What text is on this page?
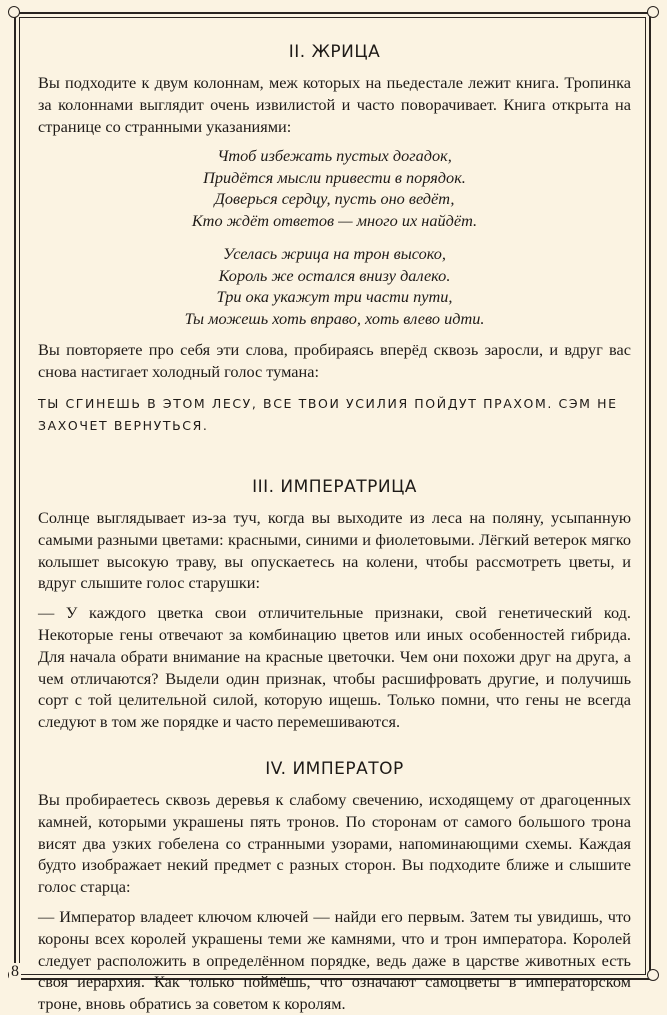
II. ЖРИЦА

Вы подходите к двум колоннам, меж которых на пьедестале лежит книга. Тропинка за колоннами выглядит очень извилистой и часто поворачивает. Книга открыта на странице со странными указаниями:

Чтоб избежать пустых догадок,
Придётся мысли привести в порядок.
Доверься сердцу, пусть оно ведёт,
Кто ждёт ответов — много их найдёт.
Уселась жрица на трон высоко,
Король же остался внизу далеко.
Три ока укажут три части пути,
Ты можешь хоть вправо, хоть влево идти.

Вы повторяете про себя эти слова, пробираясь вперёд сквозь заросли, и вдруг вас снова настигает холодный голос тумана:

ТЫ СГИНЕШЬ В ЭТОМ ЛЕСУ, ВСЕ ТВОИ УСИЛИЯ ПОЙДУТ ПРАХОМ. СЭМ НЕ ЗАХОЧЕТ ВЕРНУТЬСЯ.

III. ИМПЕРАТРИЦА

Солнце выглядывает из-за туч, когда вы выходите из леса на поляну, усыпанную самыми разными цветами: красными, синими и фиолетовыми. Лёгкий ветерок мягко колышет высокую траву, вы опускаетесь на колени, чтобы рассмотреть цветы, и вдруг слышите голос старушки:

— У каждого цветка свои отличительные признаки, свой генетический код. Некоторые гены отвечают за комбинацию цветов или иных особенностей гибрида. Для начала обрати внимание на красные цветочки. Чем они похожи друг на друга, а чем отличаются? Выдели один признак, чтобы расшифровать другие, и получишь сорт с той целительной силой, которую ищешь. Только помни, что гены не всегда следуют в том же порядке и часто перемешиваются.

IV. ИМПЕРАТОР

Вы пробираетесь сквозь деревья к слабому свечению, исходящему от драгоценных камней, которыми украшены пять тронов. По сторонам от самого большого трона висят два узких гобелена со странными узорами, напоминающими схемы. Каждая будто изображает некий предмет с разных сторон. Вы подходите ближе и слышите голос старца:

— Император владеет ключом ключей — найди его первым. Затем ты увидишь, что короны всех королей украшены теми же камнями, что и трон императора. Королей следует расположить в определённом порядке, ведь даже в царстве животных есть своя иерархия. Как только поймёшь, что означают самоцветы в императорском троне, вновь обратись за советом к королям.

8
